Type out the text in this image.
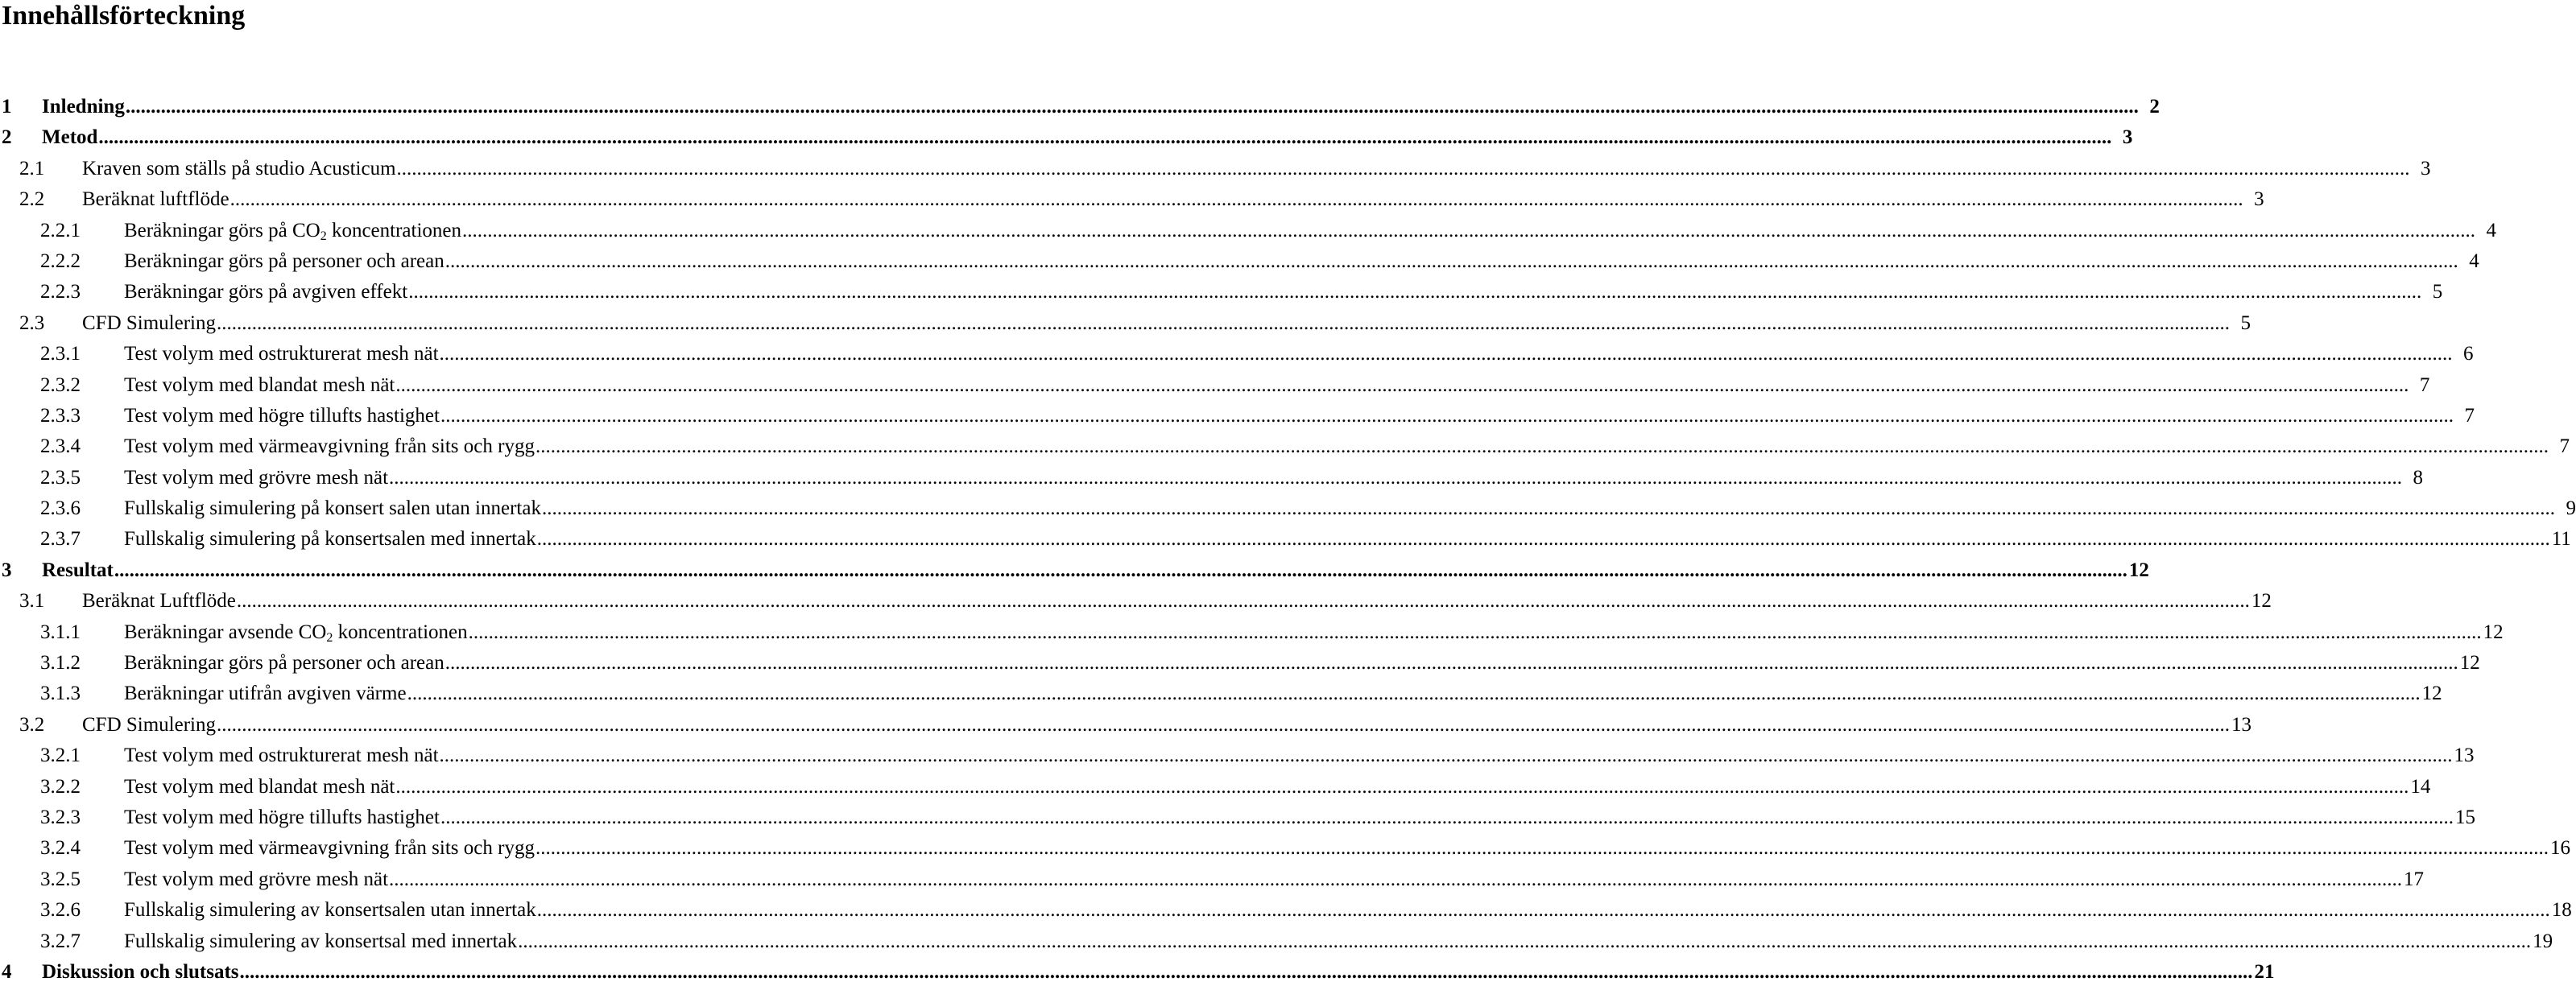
Innehållsförteckning
1 Inledning ................................................................................................................................................................................................................................................................................................................................................................................................................ 2
2 Metod ................................................................................................................................................................................................................................................................................................................................................................................................................ 3
2.1 Kraven som ställs på studio Acusticum ................................................................................................................................................................................................................................................................................................................................................................................................................ 3
2.2 Beräknat luftflöde ................................................................................................................................................................................................................................................................................................................................................................................................................ 3
2.2.1 Beräkningar görs på $CO_2$ koncentrationen ................................................................................................................................................................................................................................................................................................................................................................................................................ 4
2.2.2 Beräkningar görs på personer och arean ................................................................................................................................................................................................................................................................................................................................................................................................................ 4
2.2.3 Beräkningar görs på avgiven effekt ................................................................................................................................................................................................................................................................................................................................................................................................................ 5
2.3 CFD Simulering ................................................................................................................................................................................................................................................................................................................................................................................................................ 5
2.3.1 Test volym med ostrukturerat mesh nät ................................................................................................................................................................................................................................................................................................................................................................................................................ 6
2.3.2 Test volym med blandat mesh nät ................................................................................................................................................................................................................................................................................................................................................................................................................ 7
2.3.3 Test volym med högre tillufts hastighet ................................................................................................................................................................................................................................................................................................................................................................................................................ 7
2.3.4 Test volym med värmeavgivning från sits och rygg ................................................................................................................................................................................................................................................................................................................................................................................................................ 7
2.3.5 Test volym med grövre mesh nät ................................................................................................................................................................................................................................................................................................................................................................................................................ 8
2.3.6 Fullskalig simulering på konsert salen utan innertak ................................................................................................................................................................................................................................................................................................................................................................................................................ 9
2.3.7 Fullskalig simulering på konsertsalen med innertak ................................................................................................................................................................................................................................................................................................................................................................................................................ 11
3 Resultat ................................................................................................................................................................................................................................................................................................................................................................................................................ 12
3.1 Beräknat Luftflöde ................................................................................................................................................................................................................................................................................................................................................................................................................ 12
3.1.1 Beräkningar avsende $CO_2$ koncentrationen ................................................................................................................................................................................................................................................................................................................................................................................................................ 12
3.1.2 Beräkningar görs på personer och arean ................................................................................................................................................................................................................................................................................................................................................................................................................ 12
3.1.3 Beräkningar utifrån avgiven värme ................................................................................................................................................................................................................................................................................................................................................................................................................ 12
3.2 CFD Simulering ................................................................................................................................................................................................................................................................................................................................................................................................................ 13
3.2.1 Test volym med ostrukturerat mesh nät ................................................................................................................................................................................................................................................................................................................................................................................................................ 13
3.2.2 Test volym med blandat mesh nät ................................................................................................................................................................................................................................................................................................................................................................................................................ 14
3.2.3 Test volym med högre tillufts hastighet ................................................................................................................................................................................................................................................................................................................................................................................................................ 15
3.2.4 Test volym med värmeavgivning från sits och rygg ................................................................................................................................................................................................................................................................................................................................................................................................................ 16
3.2.5 Test volym med grövre mesh nät ................................................................................................................................................................................................................................................................................................................................................................................................................ 17
3.2.6 Fullskalig simulering av konsertsalen utan innertak ................................................................................................................................................................................................................................................................................................................................................................................................................ 18
3.2.7 Fullskalig simulering av konsertsal med innertak ................................................................................................................................................................................................................................................................................................................................................................................................................ 19
4 Diskussion och slutsats ................................................................................................................................................................................................................................................................................................................................................................................................................ 21
